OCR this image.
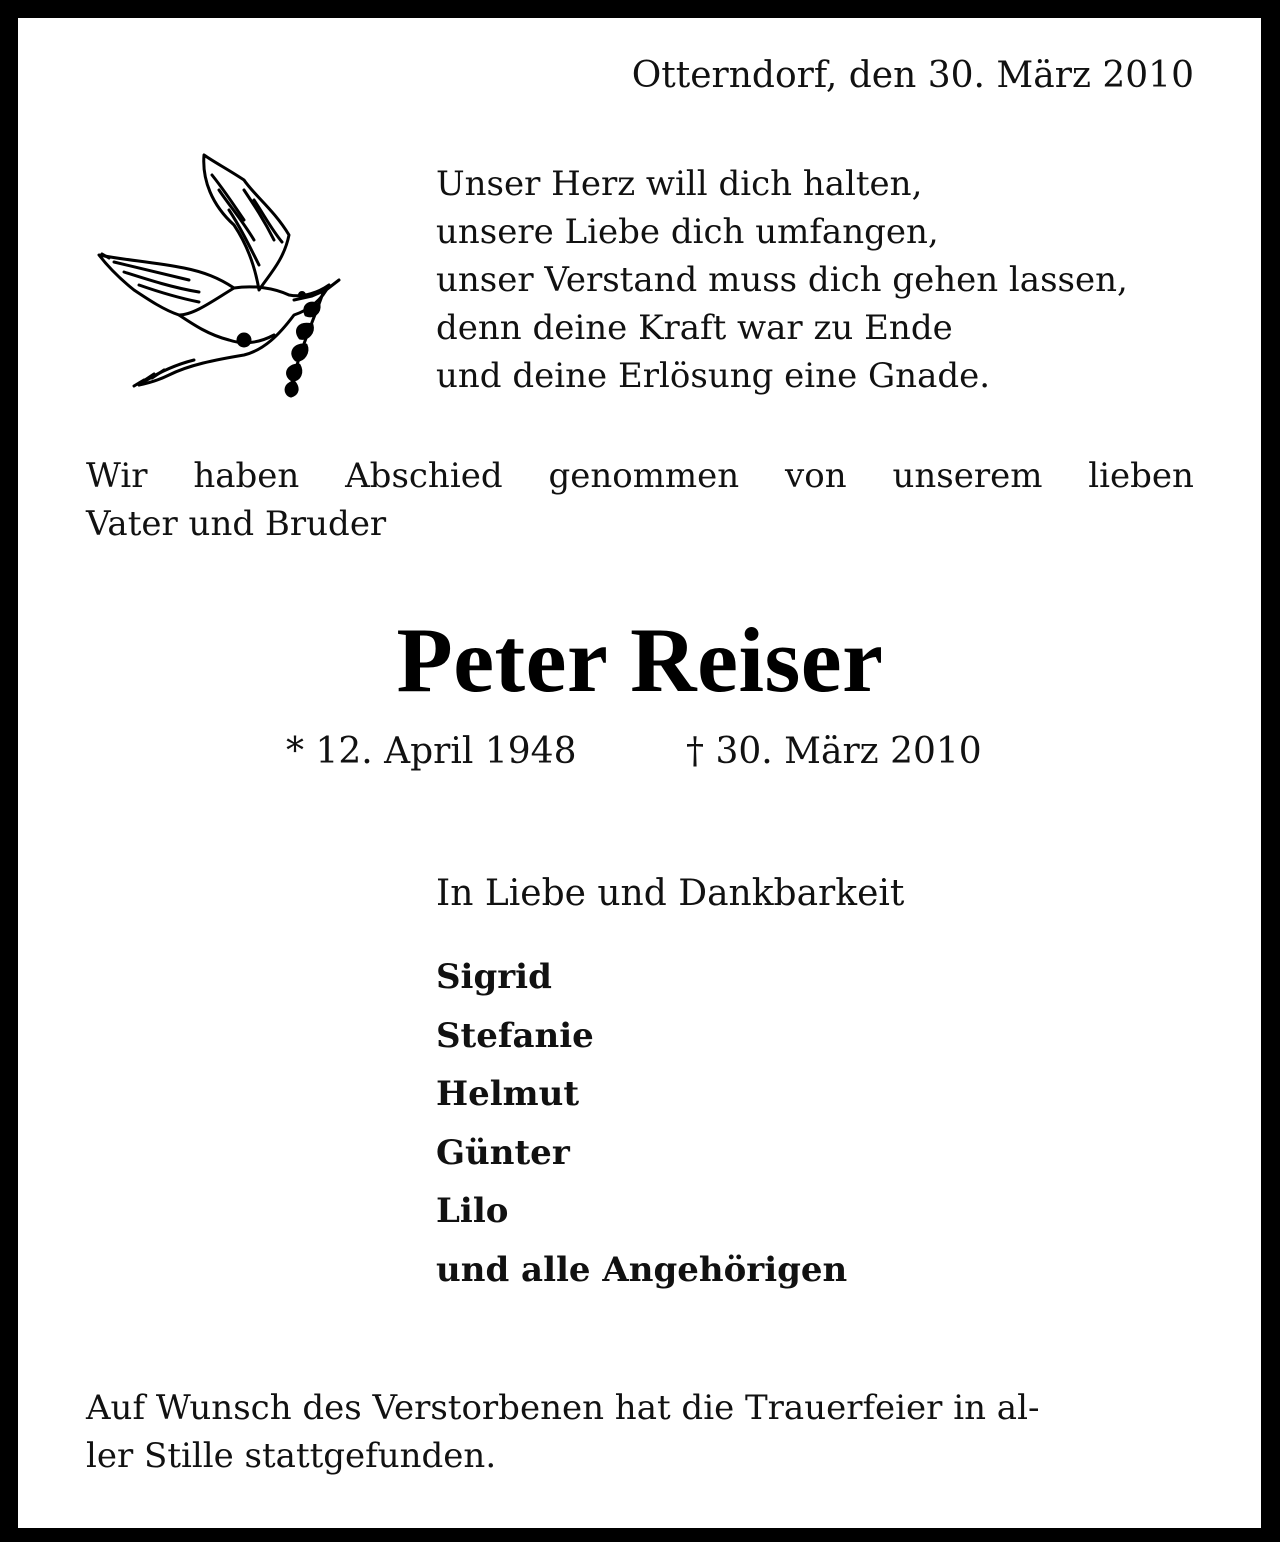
Otterndorf, den 30. März 2010
Unser Herz will dich halten,
unsere Liebe dich umfangen,
unser Verstand muss dich gehen lassen,
denn deine Kraft war zu Ende
und deine Erlösung eine Gnade.
Wir haben Abschied genommen von unserem lieben
Vater und Bruder
Peter Reiser
* 12. April 1948	† 30. März 2010
In Liebe und Dankbarkeit
Sigrid
Stefanie
Helmut
Günter
Lilo
und alle Angehörigen
Auf Wunsch des Verstorbenen hat die Trauerfeier in al-
ler Stille stattgefunden.
